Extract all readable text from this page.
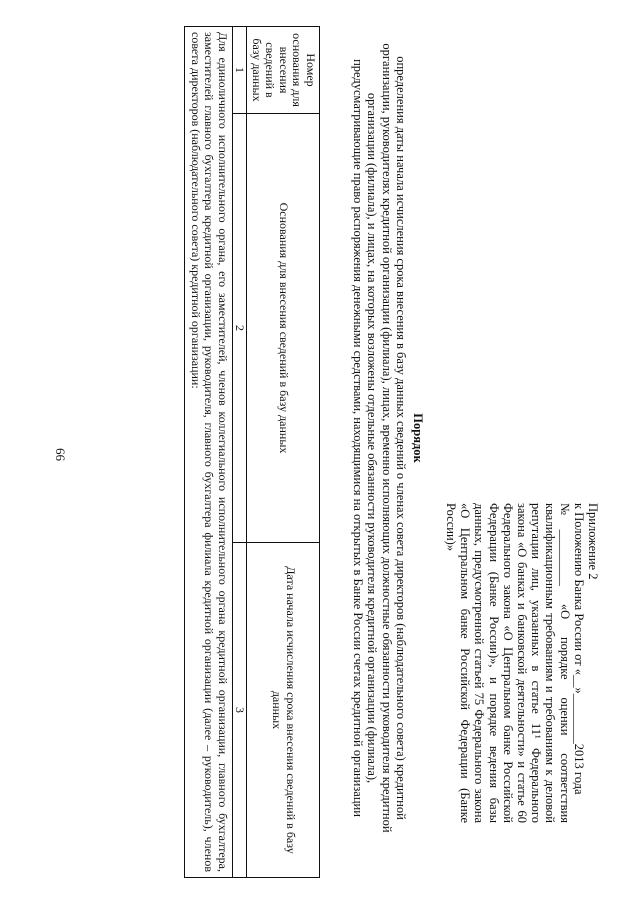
Приложение 2
к Положению Банка России от «__»________2013 года
№_________ «О порядке оценки соответствия квалификационным требованиям и требованиям к деловой репутации лиц, указанных в статье 11¹ Федерального закона «О банках и банковской деятельности» и статье 60 Федерального закона «О Центральном банке Российской Федерации (Банке России)», и порядке ведения базы данных, предусмотренной статьей 75 Федерального закона «О Центральном банке Российской Федерации (Банке России)»
Порядок
определения даты начала исчисления срока внесения в базу данных сведений о членах совета директоров (наблюдательного совета) кредитной организации, руководителях кредитной организации (филиала), лицах, временно исполняющих должностные обязанности руководителя кредитной организации (филиала), и лицах, на которых возложены отдельные обязанности руководителя кредитной организации (филиала), предусматривающие право распоряжения денежными средствами, находящимися на открытых в Банке России счетах кредитной организации
Номер основания для внесения сведений в базу данных	Основания для внесения сведений в базу данных	Дата начала исчисления срока внесения сведений в базу данных
1	2	3
Для единоличного исполнительного органа, его заместителей, членов коллегиального исполнительного органа кредитной организации, главного бухгалтера, заместителей главного бухгалтера кредитной организации, руководителя, главного бухгалтера филиала кредитной организации (далее – руководитель), членов совета директоров (наблюдательного совета) кредитной организации:		
66
